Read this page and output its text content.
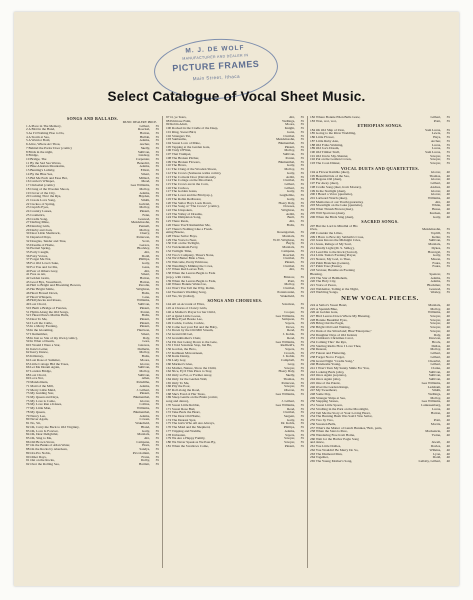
M. J. DE WOLF
MANUFACTURER AND DEALER IN
PICTURE FRAMES
Main Street, Ithaca
Select Catalogue of Vocal Sheet Music.
SONGS AND BALLADS.
MUSIC DEALERS' PRICE.
1 A Place in The Memory,	Gilbert,	35
2 A Bird in the Hand,	Roeckel,	35
3 As I'd Nothing Else to Do,	Hatton,	35
4 A Storm at Sea,	Hullah,	35
5 A Warrior Bold,	Adams,	35
6 Alice, Where Art Thou,	Ascher,	35
7 Behind the Parlor Door (comic)	Skelly,	35
8 Birds in the night,	Sullivan,	35
9 Bridge,	Lindsay,	35
10 Bridge, The	Carpenter,	35
11 By the Sad Sea Waves,	Benedict,	35
12 Blue Alsatian Mountains,	Adams,	35
13 Bunting's Lullaby,	Elliott,	35
14 By the Blue Sea,	Smart,	35
15 Bid Me Each and Ease Her,	Millard,	35
16 Carrier's Whisper,	Mead,	35
17 Chrisabel (comic)	Gee Williams,	35
18 Clang of the Wooden Shoon,	Molloy,	35
19 Clover of the City,	Adams,	35
20 Coming Thro' the Rye,	Hayden,	35
21 Creole Love Song,	Smith,	35
22 Cuckoo of Spring,	Gabriel,	35
23 Cupid's Eyes,	Molloy,	35
24 Country Lasses,	Pinsuti,	35
25 Cosmetics,	Fenn,	35
26 Cradle Song,	Gounod,	35
27 Darling Mine,	Mendelssohn,	35
28 Dancing Girls,	Pennell,	35
29 Darby and Joan,	Molloy,	35
30 Dear Little Shamrock,	Cherry,	35
31 Departed Days,	Patterson,	35
32 Douglas, Tender and True,	Scott,	35
33 Dreams of Home,	Gerace,	35
34 Eternal Spring,	Blockley,	35
35 Early Caught,	Abt,	35
36 Fairy Voices,	Dodd,	35
37 Forget Me Not,	Phillips,	35
38 For Old Love's Sake,	Gatty,	35
39 For You and for Me,	Gaus,	35
40 Fear of Others Grey,	Abt,	35
41 Free as Air,	Smart,	35
42 Golden Grain,	Hatton,	35
43 Good Bye, Sweetheart,	Hatton,	35
44 Hail to Bright and Blooming Bowers,	Parodie,	35
45 Her Bright Smile,	Wrighton,	35
46 Heart Bowed Down,	Balfe,	35
47 Heart Whispers,	Lane,	35
48 Hollyhocks and Roses,	Williams,	35
49 Lost Chord,	Sullivan,	35
50 I Built a Bridge of Fancies,	Pinsuti,	35
51 Hymn Along the Old Songs,	Pontet,	35
52 I Heard Pure's Marble Halls,	Balfe,	35
53 Dear To Me,	Pinsuti,	35
54 I Left the Cattle,	Pinsuti,	35
55 In a Merry Evening,	Pinsuti,	35
56 In the Gloaming,	Harrison,	35
57 I Remember,	Smart,	35
58 In Just so Site of my Own (comic),	Daly,	35
59 In What a Dream,	Gore,	35
60 I Would I Were a Star,	Gleaves,	35
61 Kate's Letter,	Dufferin,	35
62 Kerry Dance,	Molloy,	35
63 Killarney,	Balfe,	35
64 Last Rose of Summer,	Moore,	35
65 Little Cottage Hid the Trees,	Glover,	35
66 Let Me Dream Again,	Sullivan,	35
67 London Bridge,	Molloy,	35
68 Lost Chord,	Sullivan,	35
69 Love Not,	Allen,	35
70 Mandolinata,	Paladilhe,	35
71 Maid of the Mill,	Adams,	35
72 Merry Little Maid,	J. Gilbert,	35
73 My Guiding Star,	Pinsuti,	35
74 My Queen and Days,	Blumenthal,	35
75 My Love is Come,	Glover,	35
76 My Love Ran a Kisses,	Collins,	35
77 My Little Man,	Williams,	35
78 My Queen,	Blumenthal,	35
79 Nancy Lee,	Adams,	35
80 Never Again,	Cowen,	35
81 No, Sir,	Wakefield,	35
82 Oh, Carry me Back to Old Virginny,	Bland,	35
83 Oh, Love Is Forever,	Gatty,	35
84 Oh, Dear Delightful,	Marzials,	35
85 Oh, Sing to Me,	Abt,	35
86 Old Brown Straw,	Campana,	35
87 On the Banks of Allan Water,	Horn,	35
88 On the Rocks by Aberdeen,	Sandys,	35
89 Ora Pro Nobis,	Piccolomini,	35
90 Other Days,	Franz,	35
91 Out on the Rocks,	Dolby,	35
92 Over the Rolling Sea,	Bartlett,	35
97 O, ye Tears,	Abt,	35
98 Primrose Faint,	Wellings,	35
99 Robin Adair,	Moore,	35
100 Rocked in the Cradle of the Deep,	Knight,	35
101 Ring, Sweet Bird,	Ganz,	35
102 Strangers Yet,	Claribel,	35
103 Sunbeams,	Mendelssohn,	35
104 Sweet Love of Mine,	Blumenthal,	35
105 Tapping at the Garden Gate,	Pinsuti,	35
106 Truly O'Flinn,	Molloy,	35
107 That Trumpet,	Sullivan,	35
108 The Broken Pitcher,	Pontet,	35
109 The Broken Flowers,	Blumenthal,	35
110 The Brave,	Gatty,	35
111 The Clang of the Wooden Shoon,	Molloy,	35
112 The Crows (Someone walks comic),	Gatty,	35
113 The Convent Door (Devotional),	Arditi,	35
114 The Cottage on the Moorland,	Claribel,	35
115 The Crows are in the Corn,	Gilbert,	35
116 The Cuckoo,	Gilbert,	35
117 The Golden Gates,	Gatty,	35
118 The Lover and the Bird (rep.),	Guglielmo,	35
119 The Robin Redbreast,	Gatty,	35
120 The Sailor Boys Look Down,	Hoary Daly,	35
121 The Song of "The Crows" (comic),	Dowses,	35
122 The Unspoken,	Wrighton,	35
123 The Valley of Dreams,	Arditi,	35
124 The Dimpleton Song,	Berti,	35
125 There Rests,	Abt,	35
126 There You'll Remember Me,	Balfe,	35
127 There's Nothing Like a Fresh-
ening Breeze,	Rosengarten,	35
128 Three Sailor Boys,	Marzials,	35
129 The Voice is Near,	W.W. Wrighton,	35
130 Toll on the Twilight,	Bayly,	35
131 Twickenham Ferry,	Marzials,	35
132 Twilight Time,	Campana,	35
133 Two's Company, Three's None,	Roeckel,	35
134 We'd Better Bide a Wee,	Claribel,	35
135 Welcome, Pretty Primrose,	Pinsuti,	35
136 Wendling's Milking the Cows,	Claribel,	35
137 When Red Leaves Fall,	Abt,	35
138 When the Leaves Begin to Fade
(rep.), with violin,	Bristow,	35
139 When the Leaves Begin to Fade,	Pratt,	35
140 Where Bonnie Wales Lie,	Molloy,	35
141 Won't You Tell me Why, Robin,	Claribel,	35
142 Yeoman's Wedding Song,	Poniatowski,	35
143 Yes, Sir (ballad),	Wakefield,	35
SONGS AND CHORUSES.
144 All on Account of Eliza,	Solomon,	35
145 A Chorus of Clancy Girls,	35
146 A Mother's Prayer for her Child,	Cooper,	35
147 A Quiet Little Goose,	Gee Williams,	35
148 Blue Eyed Bessie Lee,	Sampson,	35
149 Cackle, Cackle, Cackle,	Sayers,	35
150 Come Get your Eel and the Baby,	Dowe,	35
151 Down by the Old Mill Stream,	Read,	35
152 Grand Old Gal,	J. Kohle,	35
153 Grandmother's Chair,	Read,	35
154 I'm Just Going Down to the Gate,	Gee Williams,	35
155 I Told Solomon Stop, but He,	Redfield's,	35
156 Gordon, the Hero,	Sayers,	35
157 Kathleen Mavourneen,	Crouch,	35
158 Katie Denny,	J. Kohle,	35
159 Lady Gay,	Campbell,	35
160 Mariner's Glee,	Gray,	35
161 Mother, Nature, Show the Child,	Sawyer,	35
162 Nice, Ey'd This Place to Stay,	Hoary Daly,	35
163 Only so Far, or Farther Away,	Skelly,	35
164 Only for the Garden Wall,	Thomas,	35
165 Only To Me,	Patterson,	35
166 Pity the Poor,	Sawyer,	35
167 Roll along the Road,	Oberon,	35
168 She's Fond of Her Trees,	Gee Williams,	35
169 Sleep Gentle on the Brain (comic,
song and dance),	J. Gilbert,	35
170 Sweet Little Robbie,	Gee Williams,	35
171 Sweet Rose Bud,	Read,	35
172 Take Back the Heart,	Claribel,	35
173 The Dear Old Home,	Sargent,	35
174 The Dearest Spot,	Gatty,	35
175 The Girls Who All Are Always,	Dr. Kohls,	35
176 The Maid and the Shepherd,	Phillips,	35
177 Tripping and Waddle,	Adams,	35
178 Unbeaten,	Sayers,	35
179 We Are a Happy Family,	Sawyer,	35
180 We Never Speak as We Pass By,	Sawyer,	35
181 When the Swallows Come,	Pinsuti,	35
182 Where Bonnie Ellen Bells Grew,	Gilbert,	35
183 Won, wot, wot,	Pratt,	35
ETHIOPIAN SONGS.
184 Oh Old Ship of Zion,	Sam Lucas,	35
185 Going to the River Waddling,	Lewis,	35
186 Little Flower,	Hays,	35
187 Little Ruby Ann,	Archer,	35
188 Old Folks Waltzing,	Lucas,	35
189 Old Joe's Dream,	Lucas,	35
190 Old Timber Stuff,	Sam Lucas,	35
191 Old Uncle Shy-Shanter,	Sawyer,	35
192 Put on the Golden Crown,	Sawyer,	35
193 The Coon Dinner,	Sawyer,	35
VOCAL DUETS AND QUARTETTES.
194 A Flower Ramble (duet),	Glover,	40
195 Beautiful Isle of the Sea,	Thomas,	40
196 Begone Old (duet),	Glover,	40
197 Far Away (duet),	Gilbert,	40
198 Cradle Song (duet, from Mozart),	Andrea,	40
199 In the Starlight (duet),	Glover,	40
200 I Heard a Voice (quartette),	Glover,	40
201 Larboard Watch (duet),	Williams,	40
202 Memories of our Youth (quartette),	Abt,	40
203 Moonlight on the Lake (quartette),	White,	40
204 What Thrush Brown (duet),	Hesse,	40
205 Will Sparrows (duet),	Kucken,	40
206 When the Birds Sing (duet),	Gatty,	40
SACRED SONGS.
207 But the Lord is Mindful of His
Own,	Mendelssohn,	35
208 Consider the Lilies,	Topliff,	35
209 I Have to Bow my Sabbath's Cross,	Keller,	35
210 Jesus Knows the Midnight Cries,	Sullivan,	35
211 Jesus, Refuge of My Soul,	Marzials,	35
212 Kindly Light (M. S. Sidley),	Dykes,	35
213 Lead Me to the Rock (Sacred),	Havergal,	35
214 Little Tonia's Evening Prayer,	Gatty,	35
215 Nearer, My God, to Thee,	Mason,	35
216 Palm Branches (Lenten),	Faure,	35
217 Palm Tree (Easter),	Faure,	35
218 Saviour, Breathe an Evening
Blessing,	Spencer,	35
219 The Star of Bethlehem,	Adams,	35
220 The Holy City,	Adams,	35
221 Voice of Peace,	Blackmer,	35
222 Waldemar, Toiling at the Night,	Gounod,	35
223 Warbling Songs,	Wesley,	35
NEW VOCAL PIECES.
224 A Sailor's Sweet Heart,	Marzials,	40
225 A Spanish Blue,	Molloy,	40
226 At Golden Gate,	Williams,	40
227 Bird Leaves Down Where My Blessing,	Sawyer,	40
228 Bonnie Beautiful Eyes,	Sawyer,	40
229 Bring Out the Eagle,	Sawyer,	40
230 Bright Old Gold Waiting,	Sawyer,	40
231 Dark of the Silverland; Blue"Enterprise,"	Sawyer,	40
232 Daughter Days of Old Ireland,	Daly,	40
233 Children's Christmas Carol,	Dawson,	40
234 Coming Thro' the Rye,	Brock,	40
235 Starting Radio How I Love Thee,	Dallas,	40
236 Dearest,	Molloy,	40
237 Fairest and Fluttering,	Gilbert,	40
238 Forget Not to Forget,	Gilbert,	40
239 Grand Night "Cradle Song,"	Cheerful,	40
240 Handsome Young,	Gilbert,	40
241 I Won't Turn My Sunny Smile For You,	Clarke,	40
242 Looking Back (alto),	Sullivan,	40
243 Once Again (soprano),	Sullivan,	40
244 Once Again (alto),	Sullivan,	40
245 One of the Patent,	Gee Williams,	40
246 Over the Garden Range,	Ledsham,	40
247 My Sweetheart,	Smith,	40
248 Some Day,	Wellings,	40
249 Stranger Ships at Sea,	Molloy,	40
250 Stepping Stones,	Gee Williams,	40
251 Sweet Little Spoon,	Lankasenberg,	40
252 Strolling in the Park on the Moonlight,	Lucas,	40
253 Tell Me the Story of Your Loving Heart,	Hatton,	40
254 The Burning Bush Was Said I Was Sailor,	40
255 Two by Two,	Pratt,	40
256 Sweeten Bells,	Morris,	40
257 What's the Matter of Lunch Bunnies,"Bob, parts,	40
258 When the Stars is Pure,	Mackenzie,	40
259 Wandering Free from Home,	Twine,	40
260 Wait for the Harbor Eagle Song
and dance,	Jewell,	40
261 You Little Doilies,	Davies,	40
262 You Wouldn't Be Merry Do So,	Wilkins,	40
263 The Diamond Man,	Lyon,	40
264 Together,	Dodd,	40
265 The Young Mother's Song,	Lullaby, Gilbert,	40
